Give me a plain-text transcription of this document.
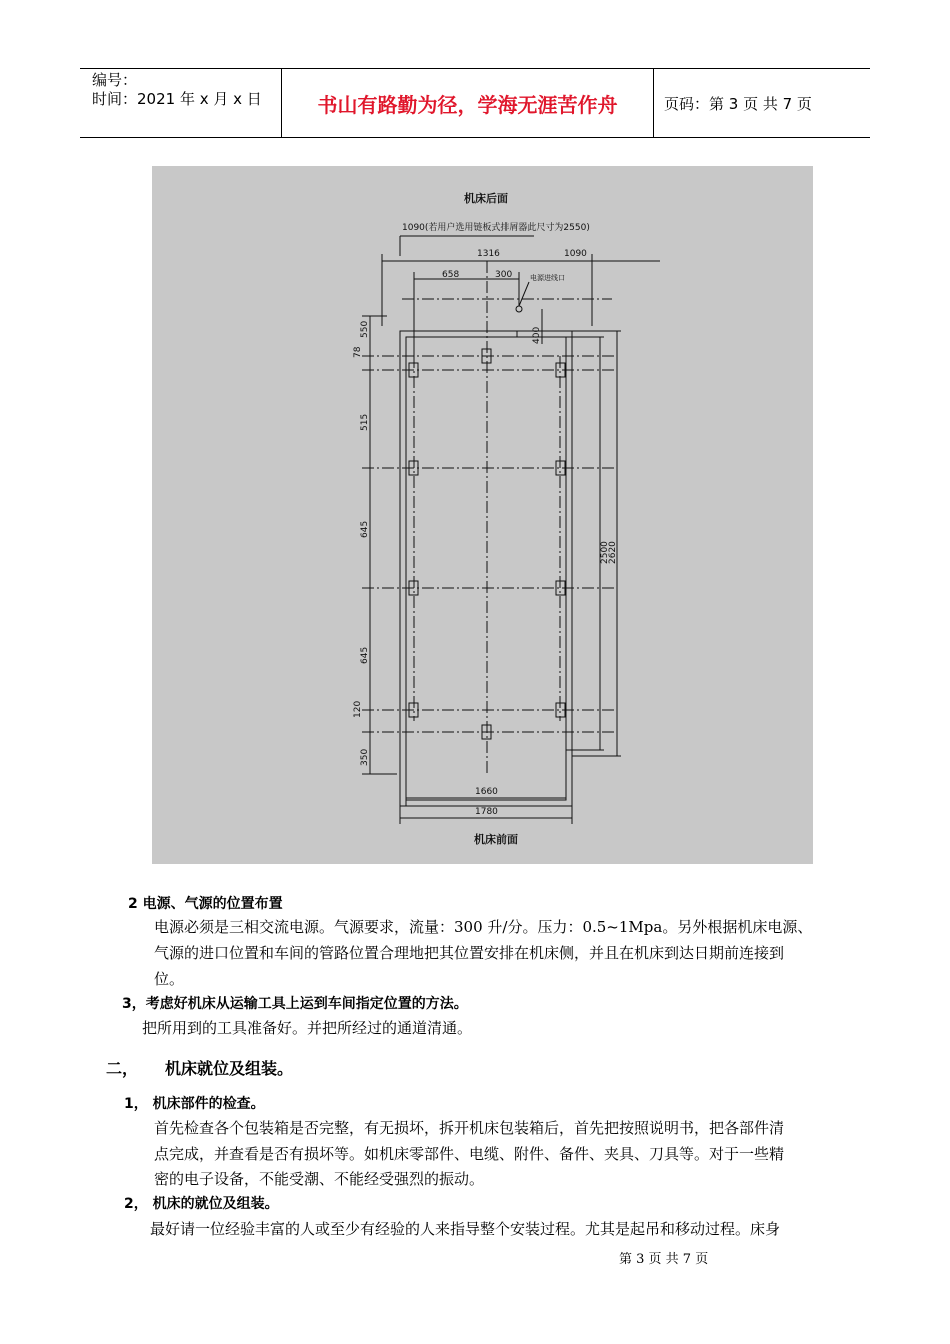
编号：
时间：2021 年 x 月 x 日	书山有路勤为径，学海无涯苦作舟	页码：第 3 页 共 7 页
机床后面
1090(若用户选用链板式排屑器此尺寸为2550)
1316	1090
658	300	电源进线口
400
550
78
515
645
645
120
350
2500
2620
1660
1780
机床前面
2 电源、气源的位置布置
电源必须是三相交流电源。气源要求，流量：300 升/分。压力：0.5~1Mpa。另外根据机床电源、
气源的进口位置和车间的管路位置合理地把其位置安排在机床侧，并且在机床到达日期前连接到
位。
3，考虑好机床从运输工具上运到车间指定位置的方法。
把所用到的工具准备好。并把所经过的通道清通。
二， 机床就位及组装。
1， 机床部件的检查。
首先检查各个包装箱是否完整，有无损坏，拆开机床包装箱后，首先把按照说明书，把各部件清
点完成，并查看是否有损坏等。如机床零部件、电缆、附件、备件、夹具、刀具等。对于一些精
密的电子设备，不能受潮、不能经受强烈的振动。
2， 机床的就位及组装。
最好请一位经验丰富的人或至少有经验的人来指导整个安装过程。尤其是起吊和移动过程。床身
第 3 页 共 7 页
